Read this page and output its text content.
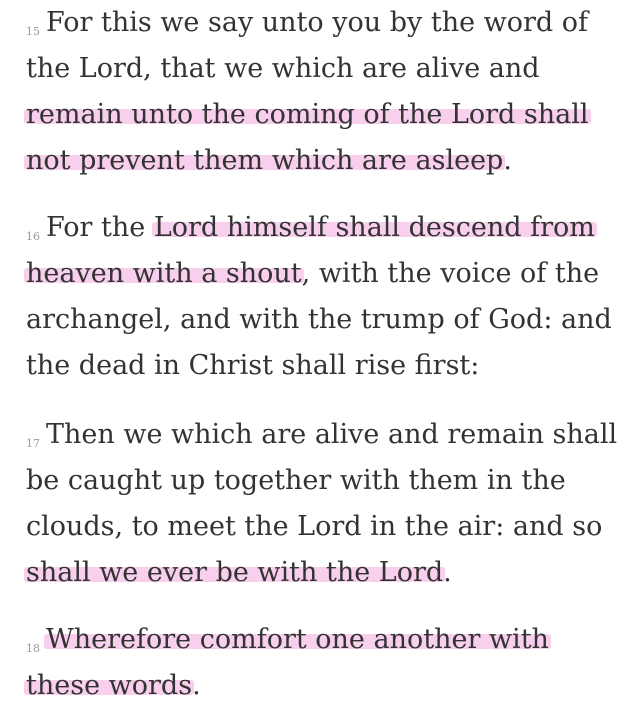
15 For this we say unto you by the word of
the Lord, that we which are alive and
remain unto the coming of the Lord shall
not prevent them which are asleep.
16 For the Lord himself shall descend from
heaven with a shout, with the voice of the
archangel, and with the trump of God: and
the dead in Christ shall rise first:
17 Then we which are alive and remain shall
be caught up together with them in the
clouds, to meet the Lord in the air: and so
shall we ever be with the Lord.
18 Wherefore comfort one another with
these words.
